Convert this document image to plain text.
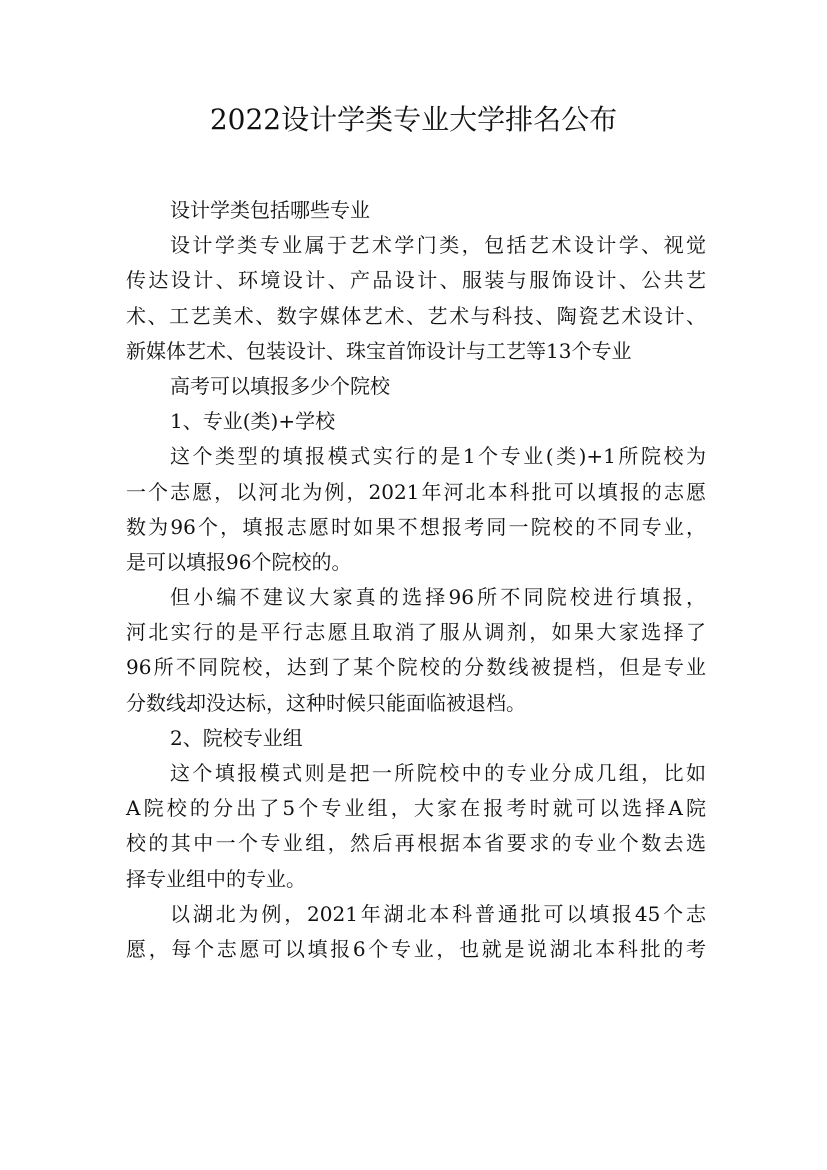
2022设计学类专业大学排名公布
设计学类包括哪些专业
设计学类专业属于艺术学门类，包括艺术设计学、视觉
传达设计、环境设计、产品设计、服装与服饰设计、公共艺
术、工艺美术、数字媒体艺术、艺术与科技、陶瓷艺术设计、
新媒体艺术、包装设计、珠宝首饰设计与工艺等13个专业
高考可以填报多少个院校
1、专业(类)+学校
这个类型的填报模式实行的是1个专业(类)+1所院校为
一个志愿，以河北为例，2021年河北本科批可以填报的志愿
数为96个，填报志愿时如果不想报考同一院校的不同专业，
是可以填报96个院校的。
但小编不建议大家真的选择96所不同院校进行填报，
河北实行的是平行志愿且取消了服从调剂，如果大家选择了
96所不同院校，达到了某个院校的分数线被提档，但是专业
分数线却没达标，这种时候只能面临被退档。
2、院校专业组
这个填报模式则是把一所院校中的专业分成几组，比如
A院校的分出了5个专业组，大家在报考时就可以选择A院
校的其中一个专业组，然后再根据本省要求的专业个数去选
择专业组中的专业。
以湖北为例，2021年湖北本科普通批可以填报45个志
愿，每个志愿可以填报6个专业，也就是说湖北本科批的考
